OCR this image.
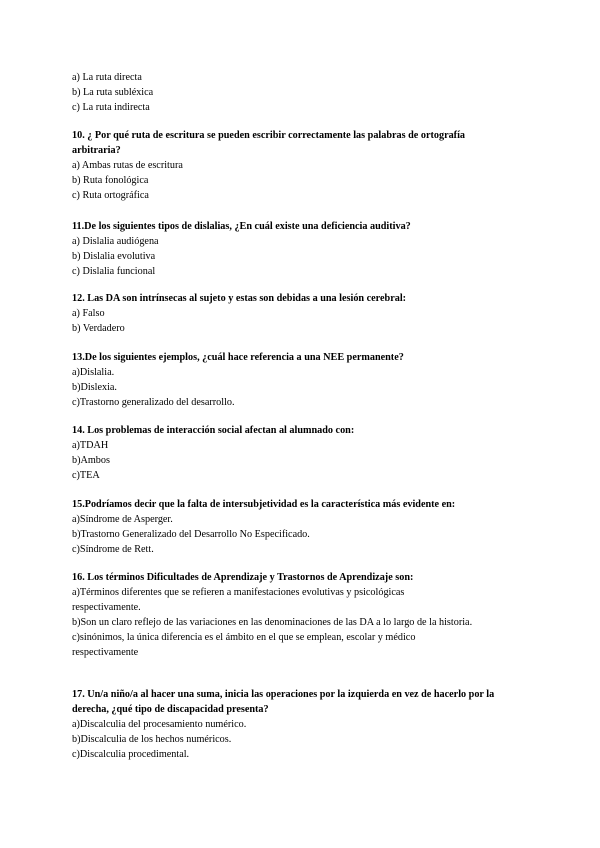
a) La ruta directa
b) La ruta subléxica
c) La ruta indirecta
10. ¿ Por qué ruta de escritura se pueden escribir correctamente las palabras de ortografía arbitraria?
a) Ambas rutas de escritura
b) Ruta fonológica
c) Ruta ortográfica
11.De los siguientes tipos de dislalias, ¿En cuál existe una deficiencia auditiva?
a) Dislalia audiógena
b) Dislalia evolutiva
c) Dislalia funcional
12. Las DA son intrínsecas al sujeto y estas son debidas a una lesión cerebral:
a) Falso
b) Verdadero
13.De los siguientes ejemplos, ¿cuál hace referencia a una NEE permanente?
a)Dislalia.
b)Dislexia.
c)Trastorno generalizado del desarrollo.
14. Los problemas de interacción social afectan al alumnado con:
a)TDAH
b)Ambos
c)TEA
15.Podríamos decir que la falta de intersubjetividad es la característica más evidente en:
a)Síndrome de Asperger.
b)Trastorno Generalizado del Desarrollo No Especificado.
c)Síndrome de Rett.
16. Los términos Dificultades de Aprendizaje y Trastornos de Aprendizaje son:
a)Términos diferentes que se refieren a manifestaciones evolutivas y psicológicas respectivamente.
b)Son un claro reflejo de las variaciones en las denominaciones de las DA a lo largo de la historia.
c)sinónimos, la única diferencia es el ámbito en el que se emplean, escolar y médico respectivamente
17. Un/a niño/a al hacer una suma, inicia las operaciones por la izquierda en vez de hacerlo por la derecha, ¿qué tipo de discapacidad presenta?
a)Discalculia del procesamiento numérico.
b)Discalculia de los hechos numéricos.
c)Discalculia procedimental.
